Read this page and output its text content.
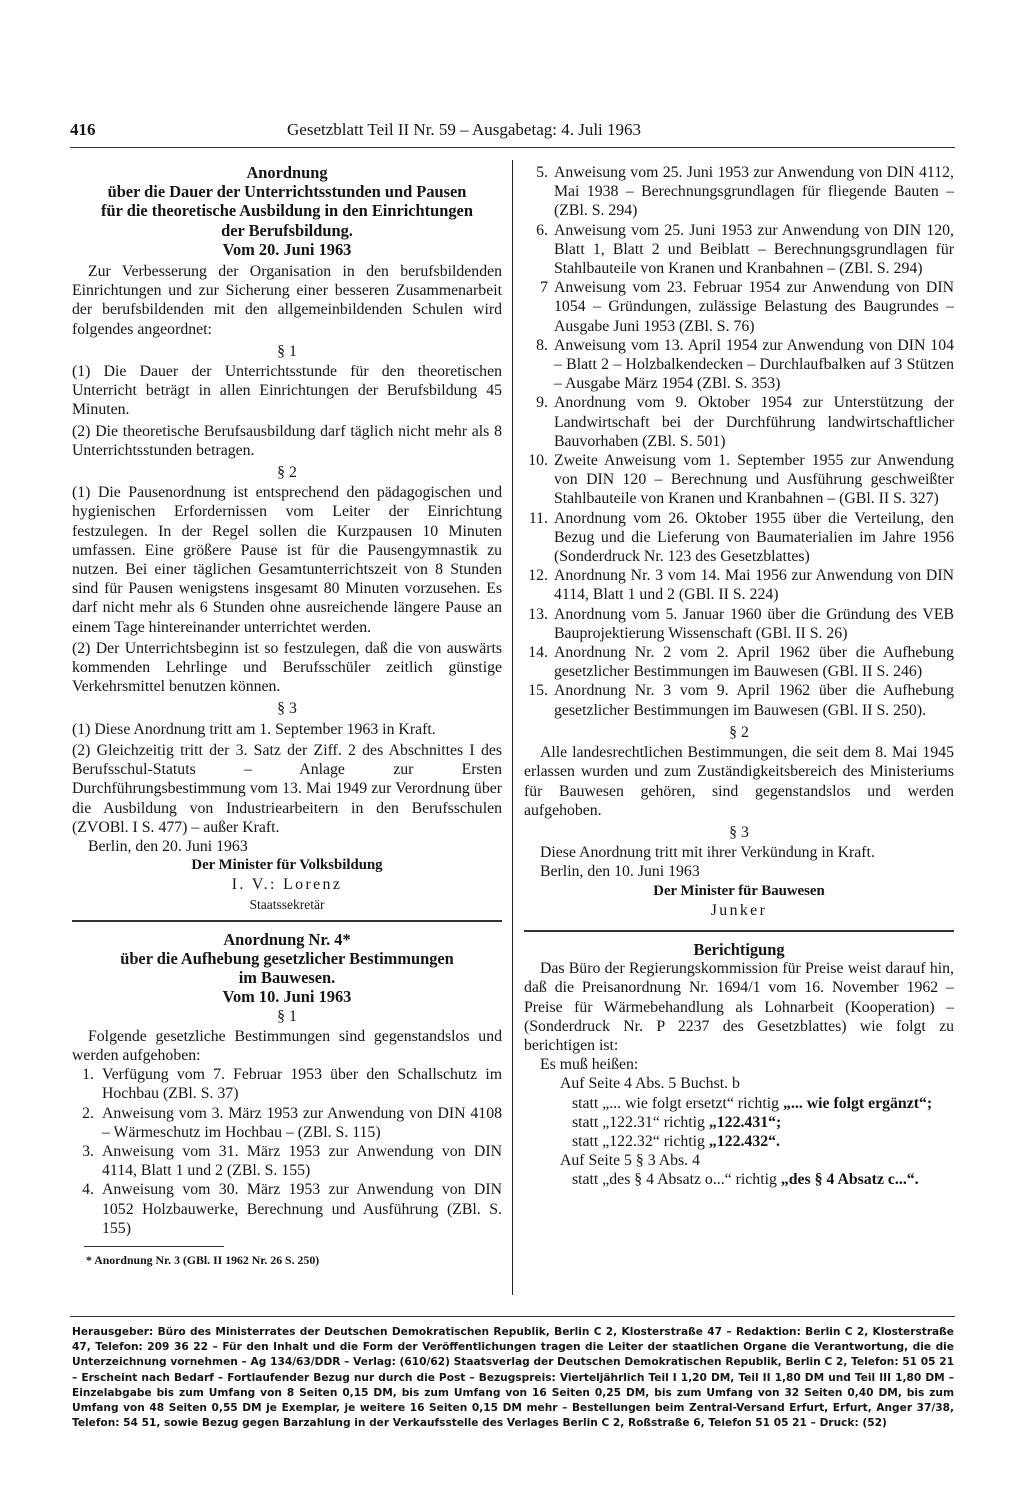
416	Gesetzblatt Teil II Nr. 59 – Ausgabetag: 4. Juli 1963
Anordnung
über die Dauer der Unterrichtsstunden und Pausen
für die theoretische Ausbildung in den Einrichtungen
der Berufsbildung.
Vom 20. Juni 1963
Zur Verbesserung der Organisation in den berufsbildenden Einrichtungen und zur Sicherung einer besseren Zusammenarbeit der berufsbildenden mit den allgemeinbildenden Schulen wird folgendes angeordnet:
§ 1
(1) Die Dauer der Unterrichtsstunde für den theoretischen Unterricht beträgt in allen Einrichtungen der Berufsbildung 45 Minuten.
(2) Die theoretische Berufsausbildung darf täglich nicht mehr als 8 Unterrichtsstunden betragen.
§ 2
(1) Die Pausenordnung ist entsprechend den pädagogischen und hygienischen Erfordernissen vom Leiter der Einrichtung festzulegen. In der Regel sollen die Kurzpausen 10 Minuten umfassen. Eine größere Pause ist für die Pausengymnastik zu nutzen. Bei einer täglichen Gesamtunterrichtszeit von 8 Stunden sind für Pausen wenigstens insgesamt 80 Minuten vorzusehen. Es darf nicht mehr als 6 Stunden ohne ausreichende längere Pause an einem Tage hintereinander unterrichtet werden.
(2) Der Unterrichtsbeginn ist so festzulegen, daß die von auswärts kommenden Lehrlinge und Berufsschüler zeitlich günstige Verkehrsmittel benutzen können.
§ 3
(1) Diese Anordnung tritt am 1. September 1963 in Kraft.
(2) Gleichzeitig tritt der 3. Satz der Ziff. 2 des Abschnittes I des Berufsschul-Statuts – Anlage zur Ersten Durchführungsbestimmung vom 13. Mai 1949 zur Verordnung über die Ausbildung von Industriearbeitern in den Berufsschulen (ZVOBl. I S. 477) – außer Kraft.
Berlin, den 20. Juni 1963
Der Minister für Volksbildung
I. V.: Lorenz
Staatssekretär
Anordnung Nr. 4*
über die Aufhebung gesetzlicher Bestimmungen
im Bauwesen.
Vom 10. Juni 1963
§ 1
Folgende gesetzliche Bestimmungen sind gegenstandslos und werden aufgehoben:
1. Verfügung vom 7. Februar 1953 über den Schallschutz im Hochbau (ZBl. S. 37)
2. Anweisung vom 3. März 1953 zur Anwendung von DIN 4108 – Wärmeschutz im Hochbau – (ZBl. S. 115)
3. Anweisung vom 31. März 1953 zur Anwendung von DIN 4114, Blatt 1 und 2 (ZBl. S. 155)
4. Anweisung vom 30. März 1953 zur Anwendung von DIN 1052 Holzbauwerke, Berechnung und Ausführung (ZBl. S. 155)
* Anordnung Nr. 3 (GBl. II 1962 Nr. 26 S. 250)
5. Anweisung vom 25. Juni 1953 zur Anwendung von DIN 4112, Mai 1938 – Berechnungsgrundlagen für fliegende Bauten – (ZBl. S. 294)
6. Anweisung vom 25. Juni 1953 zur Anwendung von DIN 120, Blatt 1, Blatt 2 und Beiblatt – Berechnungsgrundlagen für Stahlbauteile von Kranen und Kranbahnen – (ZBl. S. 294)
7 Anweisung vom 23. Februar 1954 zur Anwendung von DIN 1054 – Gründungen, zulässige Belastung des Baugrundes – Ausgabe Juni 1953 (ZBl. S. 76)
8. Anweisung vom 13. April 1954 zur Anwendung von DIN 104 – Blatt 2 – Holzbalkendecken – Durchlaufbalken auf 3 Stützen – Ausgabe März 1954 (ZBl. S. 353)
9. Anordnung vom 9. Oktober 1954 zur Unterstützung der Landwirtschaft bei der Durchführung landwirtschaftlicher Bauvorhaben (ZBl. S. 501)
10. Zweite Anweisung vom 1. September 1955 zur Anwendung von DIN 120 – Berechnung und Ausführung geschweißter Stahlbauteile von Kranen und Kranbahnen – (GBl. II S. 327)
11. Anordnung vom 26. Oktober 1955 über die Verteilung, den Bezug und die Lieferung von Baumaterialien im Jahre 1956 (Sonderdruck Nr. 123 des Gesetzblattes)
12. Anordnung Nr. 3 vom 14. Mai 1956 zur Anwendung von DIN 4114, Blatt 1 und 2 (GBl. II S. 224)
13. Anordnung vom 5. Januar 1960 über die Gründung des VEB Bauprojektierung Wissenschaft (GBl. II S. 26)
14. Anordnung Nr. 2 vom 2. April 1962 über die Aufhebung gesetzlicher Bestimmungen im Bauwesen (GBl. II S. 246)
15. Anordnung Nr. 3 vom 9. April 1962 über die Aufhebung gesetzlicher Bestimmungen im Bauwesen (GBl. II S. 250).
§ 2
Alle landesrechtlichen Bestimmungen, die seit dem 8. Mai 1945 erlassen wurden und zum Zuständigkeitsbereich des Ministeriums für Bauwesen gehören, sind gegenstandslos und werden aufgehoben.
§ 3
Diese Anordnung tritt mit ihrer Verkündung in Kraft.
Berlin, den 10. Juni 1963
Der Minister für Bauwesen
Junker
Berichtigung
Das Büro der Regierungskommission für Preise weist darauf hin, daß die Preisanordnung Nr. 1694/1 vom 16. November 1962 – Preise für Wärmebehandlung als Lohnarbeit (Kooperation) – (Sonderdruck Nr. P 2237 des Gesetzblattes) wie folgt zu berichtigen ist:
Es muß heißen:
Auf Seite 4 Abs. 5 Buchst. b
statt „... wie folgt ersetzt“ richtig „... wie folgt ergänzt“;
statt „122.31“ richtig „122.431“;
statt „122.32“ richtig „122.432“.
Auf Seite 5 § 3 Abs. 4
statt „des § 4 Absatz o...“ richtig „des § 4 Absatz c...“.
Herausgeber: Büro des Ministerrates der Deutschen Demokratischen Republik, Berlin C 2, Klosterstraße 47 – Redaktion: Berlin C 2, Klosterstraße 47, Telefon: 209 36 22 – Für den Inhalt und die Form der Veröffentlichungen tragen die Leiter der staatlichen Organe die Verantwortung, die die Unterzeichnung vornehmen – Ag 134/63/DDR – Verlag: (610/62) Staatsverlag der Deutschen Demokratischen Republik, Berlin C 2, Telefon: 51 05 21 – Erscheint nach Bedarf – Fortlaufender Bezug nur durch die Post – Bezugspreis: Vierteljährlich Teil I 1,20 DM, Teil II 1,80 DM und Teil III 1,80 DM – Einzelabgabe bis zum Umfang von 8 Seiten 0,15 DM, bis zum Umfang von 16 Seiten 0,25 DM, bis zum Umfang von 32 Seiten 0,40 DM, bis zum Umfang von 48 Seiten 0,55 DM je Exemplar, je weitere 16 Seiten 0,15 DM mehr – Bestellungen beim Zentral-Versand Erfurt, Erfurt, Anger 37/38, Telefon: 54 51, sowie Bezug gegen Barzahlung in der Verkaufsstelle des Verlages Berlin C 2, Roßstraße 6, Telefon 51 05 21 – Druck: (52)
